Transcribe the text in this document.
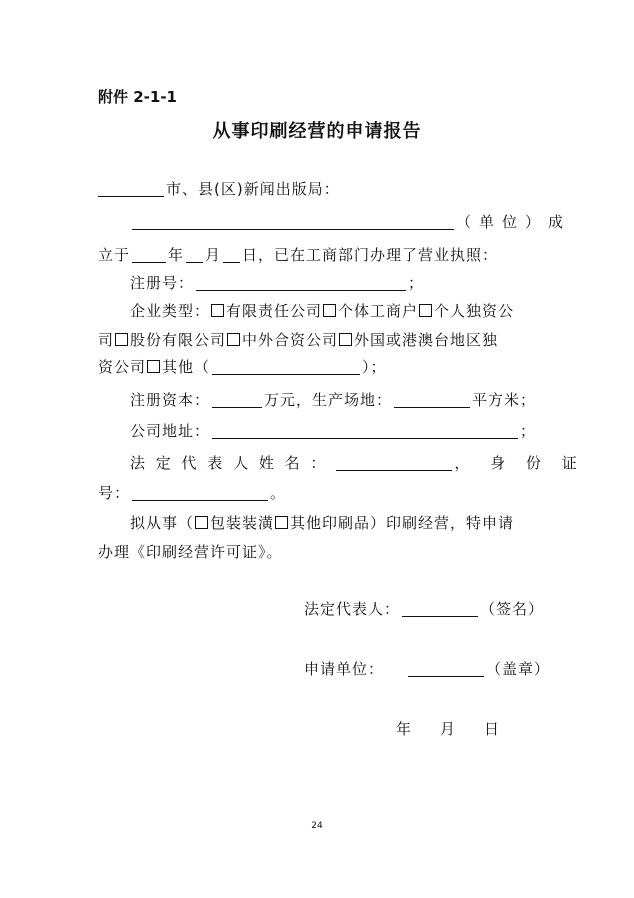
附件 2-1-1
从事印刷经营的申请报告
市、县(区)新闻出版局：
（单位）成
立于	年 月 日，已在工商部门办理了营业执照：
注册号：	；
企业类型： 有限责任公司 个体工商户 个人独资公
司 股份有限公司 中外合资公司 外国或港澳台地区独
资公司 其他（	）；
注册资本：	万元，生产场地：	平方米；
公司地址：	；
法 定 代 表 人 姓 名 ：	， 身 份 证
号：	。
拟从事（ 包装装潢 其他印刷品）印刷经营，特申请
办理《印刷经营许可证》。
法定代表人：	（签名）
申请单位：	（盖章）
年 月 日
24
